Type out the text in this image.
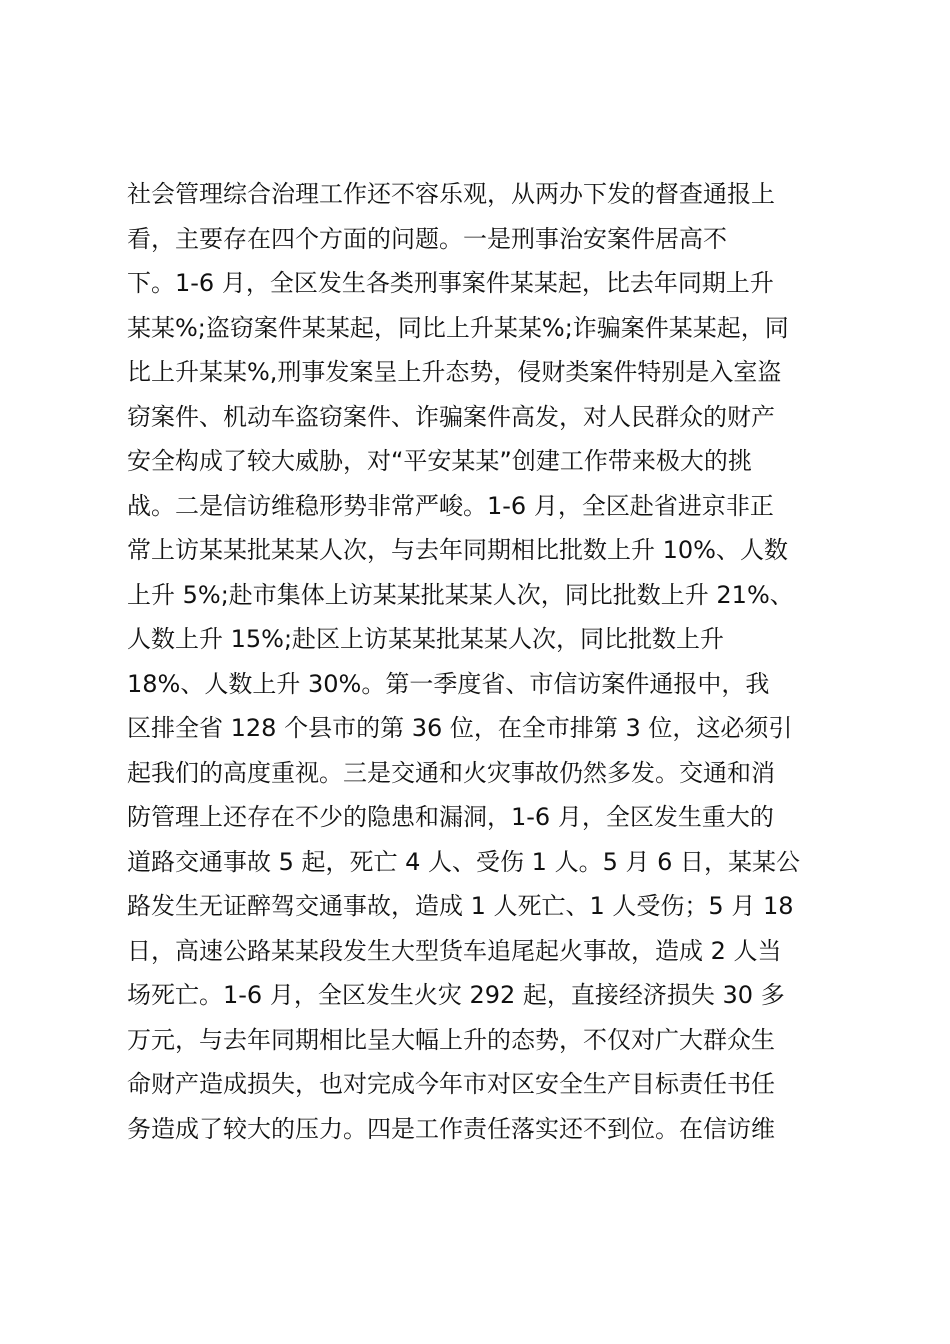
社会管理综合治理工作还不容乐观，从两办下发的督查通报上
看，主要存在四个方面的问题。一是刑事治安案件居高不
下。1-6 月，全区发生各类刑事案件某某起，比去年同期上升
某某%;盗窃案件某某起，同比上升某某%;诈骗案件某某起，同
比上升某某%,刑事发案呈上升态势，侵财类案件特别是入室盗
窃案件、机动车盗窃案件、诈骗案件高发，对人民群众的财产
安全构成了较大威胁，对“平安某某”创建工作带来极大的挑
战。二是信访维稳形势非常严峻。1-6 月，全区赴省进京非正
常上访某某批某某人次，与去年同期相比批数上升 10%、人数
上升 5%;赴市集体上访某某批某某人次，同比批数上升 21%、
人数上升 15%;赴区上访某某批某某人次，同比批数上升
18%、人数上升 30%。第一季度省、市信访案件通报中，我
区排全省 128 个县市的第 36 位，在全市排第 3 位，这必须引
起我们的高度重视。三是交通和火灾事故仍然多发。交通和消
防管理上还存在不少的隐患和漏洞，1-6 月，全区发生重大的
道路交通事故 5 起，死亡 4 人、受伤 1 人。5 月 6 日，某某公
路发生无证醉驾交通事故，造成 1 人死亡、1 人受伤；5 月 18
日，高速公路某某段发生大型货车追尾起火事故，造成 2 人当
场死亡。1-6 月，全区发生火灾 292 起，直接经济损失 30 多
万元，与去年同期相比呈大幅上升的态势，不仅对广大群众生
命财产造成损失，也对完成今年市对区安全生产目标责任书任
务造成了较大的压力。四是工作责任落实还不到位。在信访维
